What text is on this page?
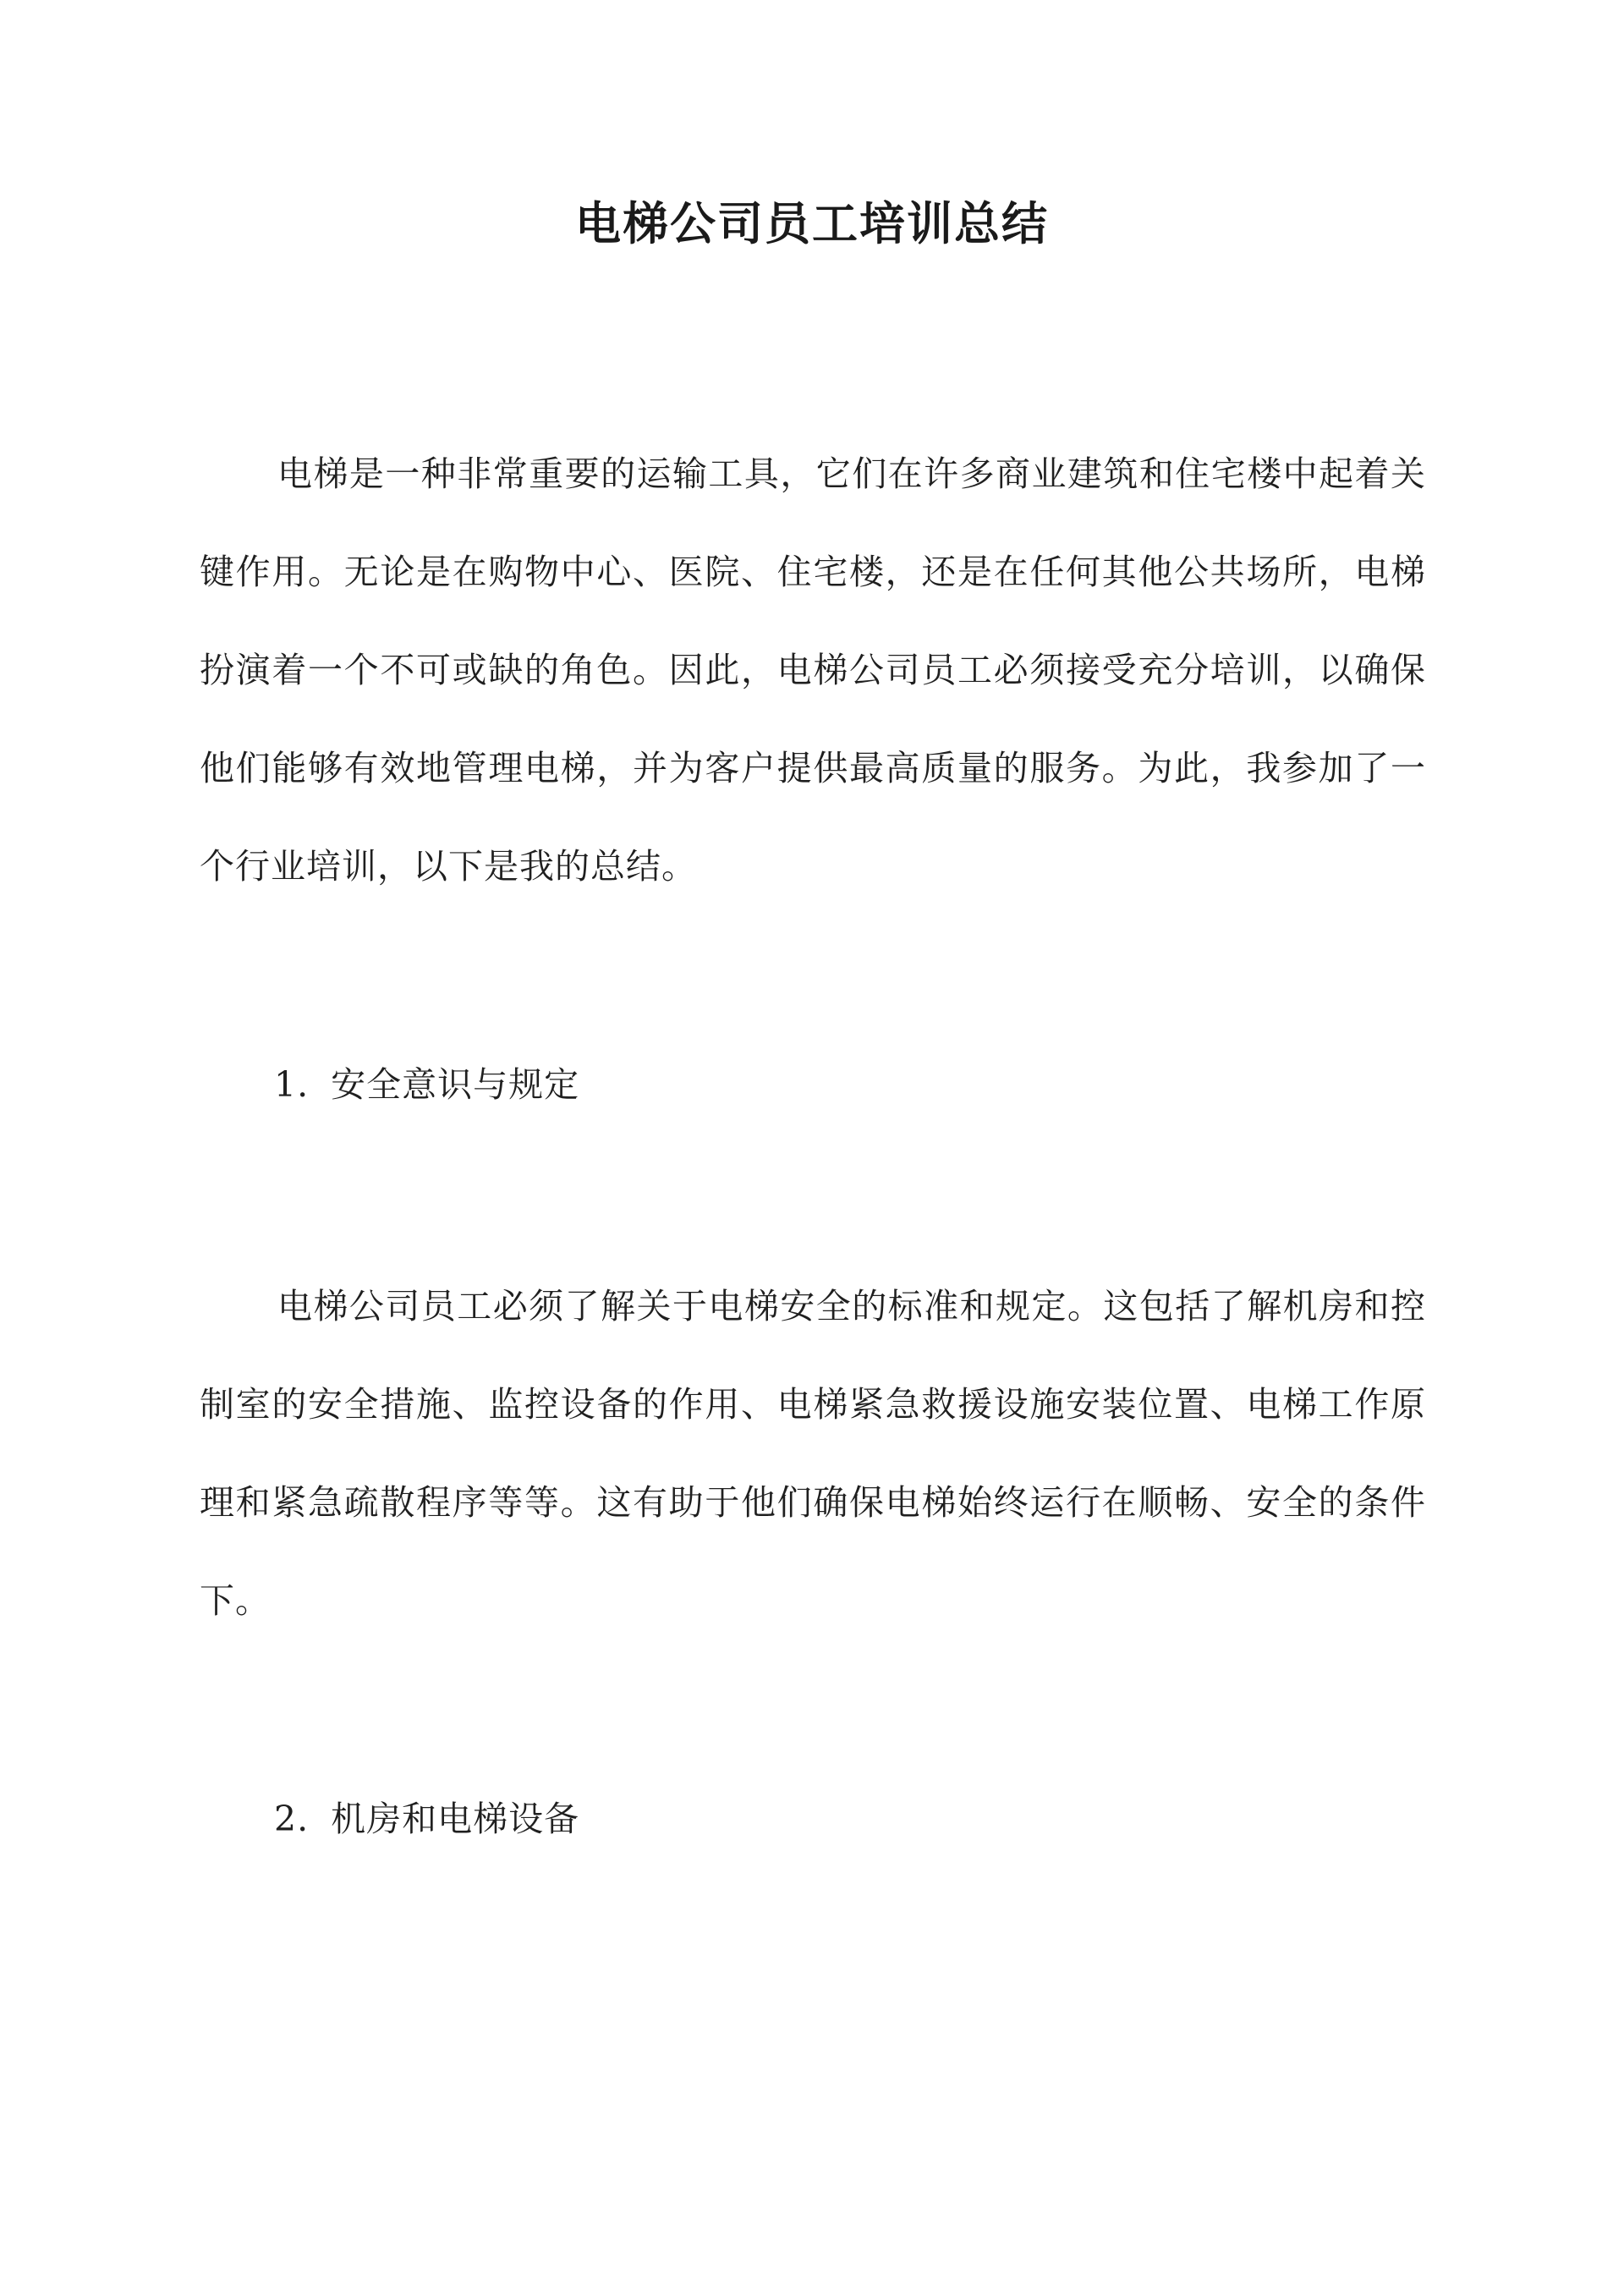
电梯公司员工培训总结

电梯是一种非常重要的运输工具，它们在许多商业建筑和住宅楼中起着关键作用。无论是在购物中心、医院、住宅楼，还是在任何其他公共场所，电梯扮演着一个不可或缺的角色。因此，电梯公司员工必须接受充分培训，以确保他们能够有效地管理电梯，并为客户提供最高质量的服务。为此，我参加了一个行业培训，以下是我的总结。

1. 安全意识与规定

电梯公司员工必须了解关于电梯安全的标准和规定。这包括了解机房和控制室的安全措施、监控设备的作用、电梯紧急救援设施安装位置、电梯工作原理和紧急疏散程序等等。这有助于他们确保电梯始终运行在顺畅、安全的条件下。

2. 机房和电梯设备
